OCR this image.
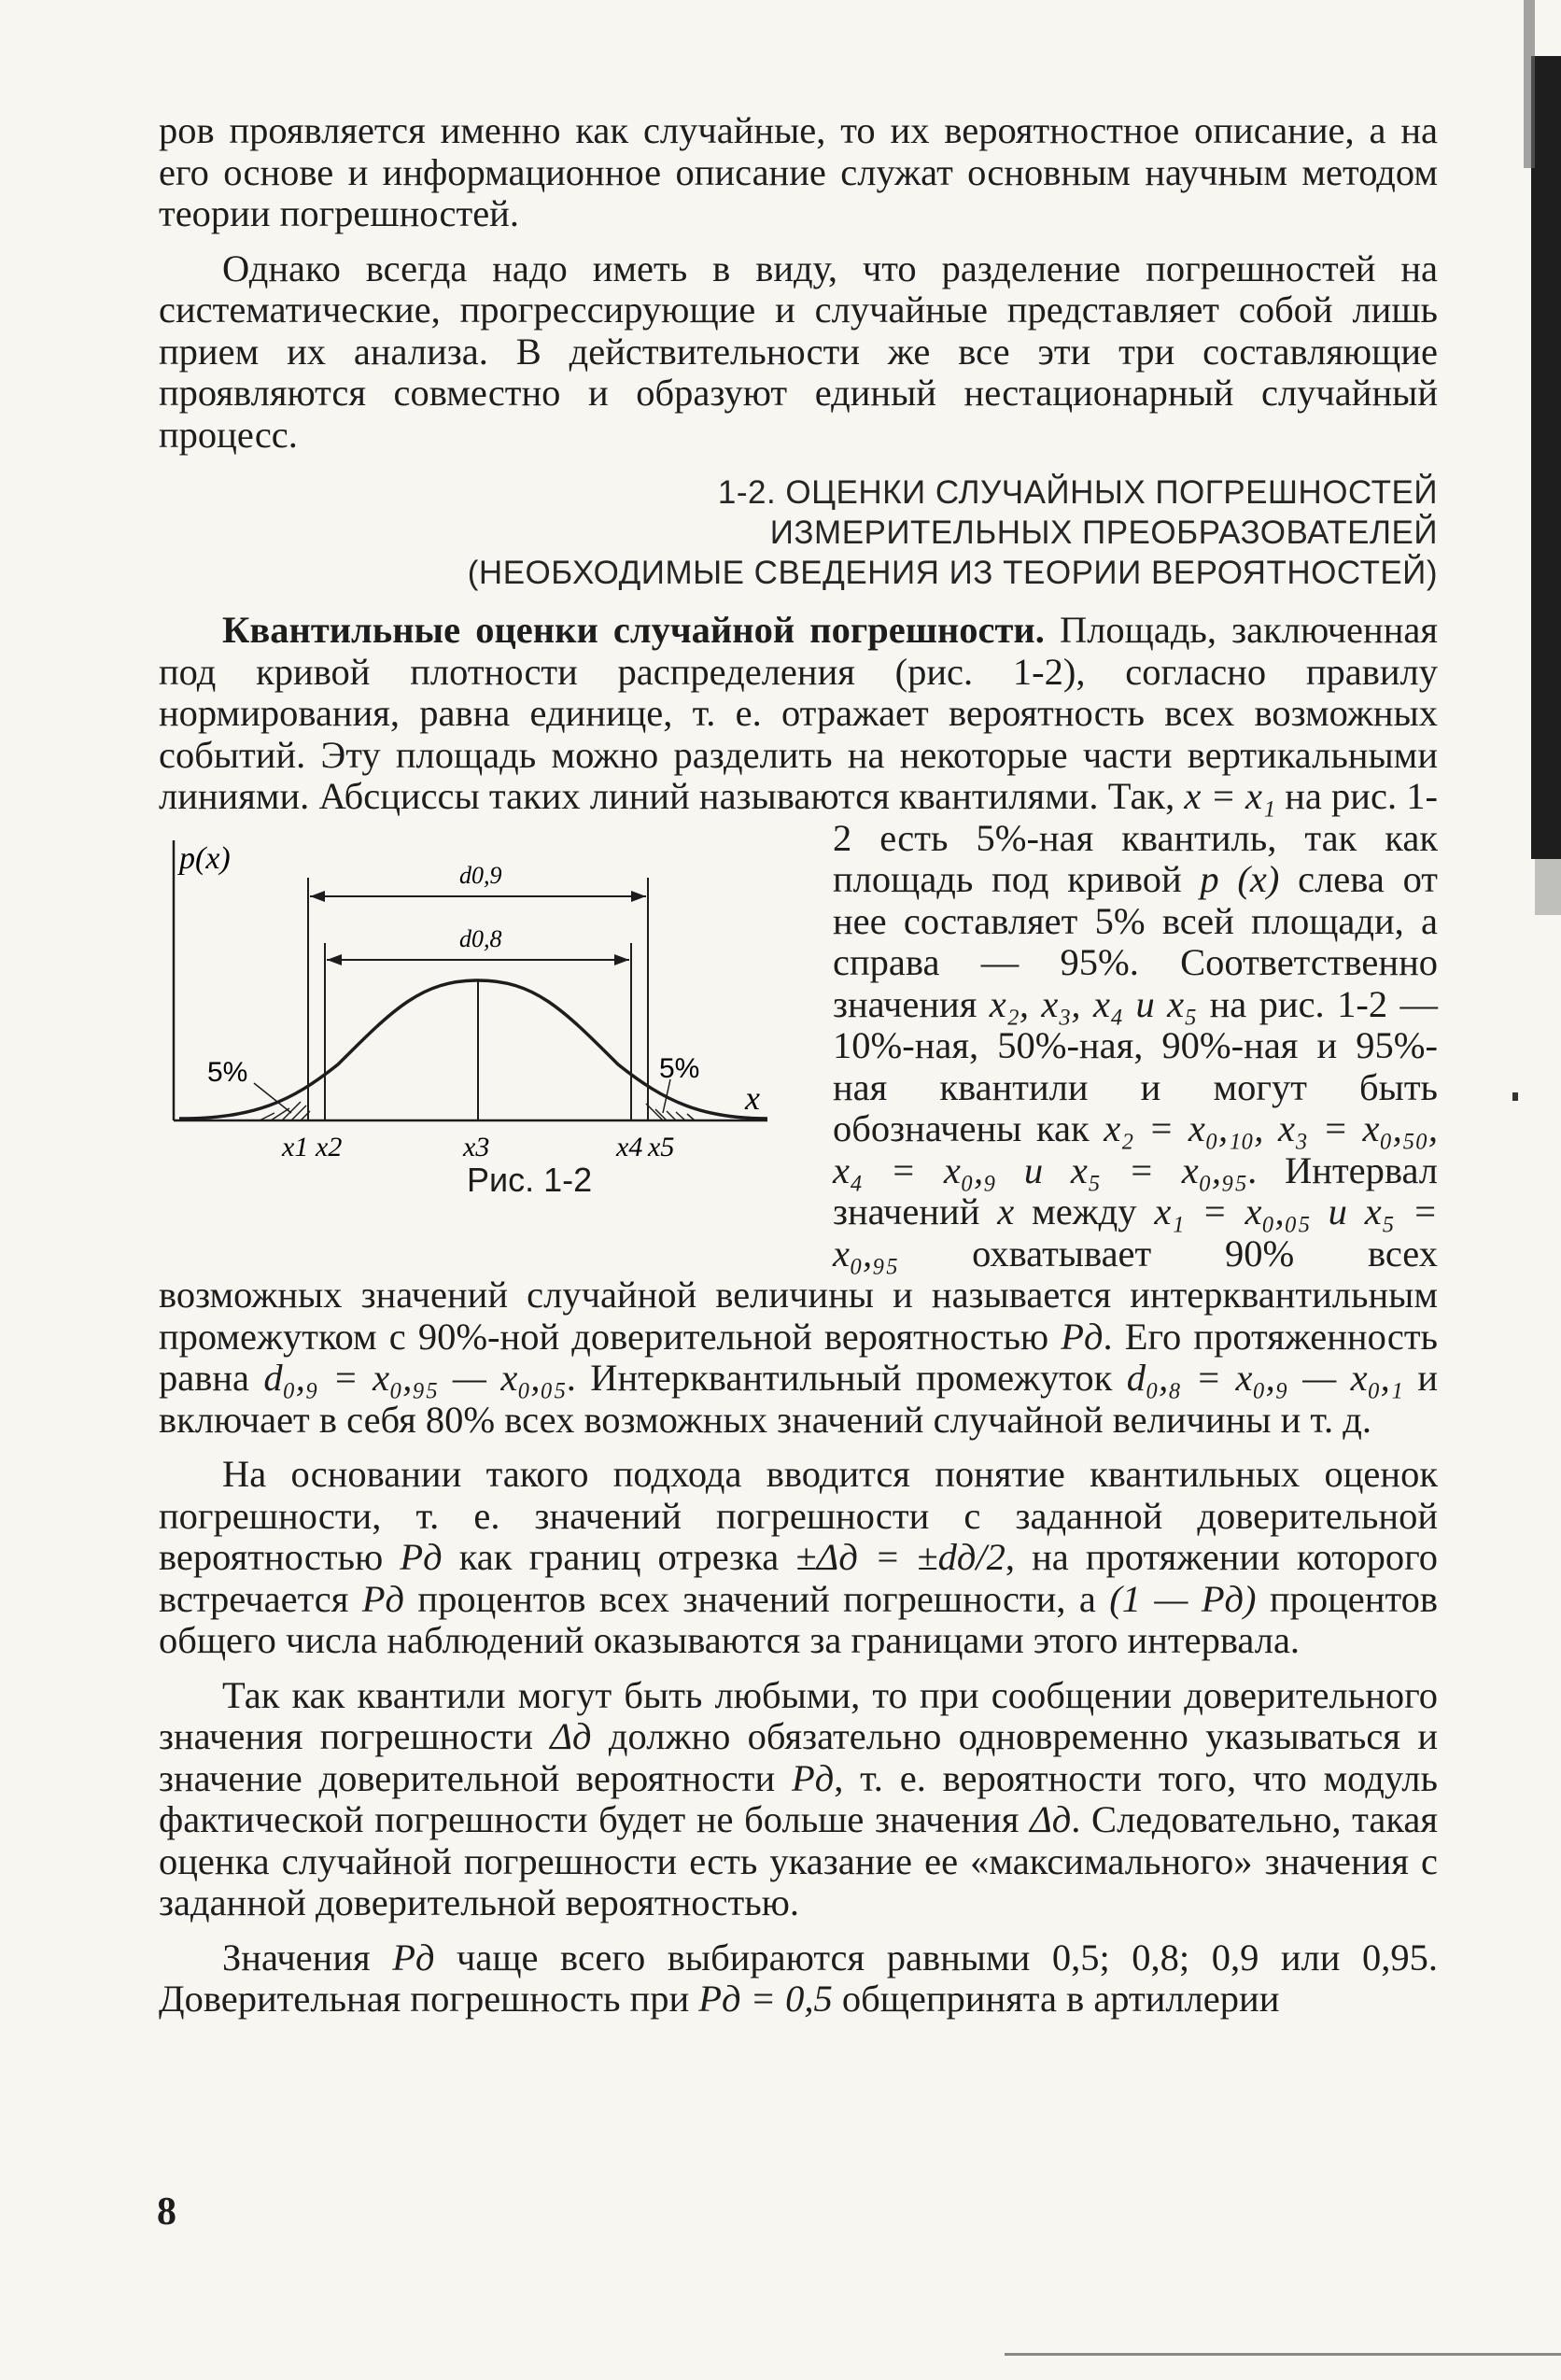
ров проявляется именно как случайные, то их вероятностное описание, а на его основе и информационное описание служат основным научным методом теории погрешностей.

Однако всегда надо иметь в виду, что разделение погрешностей на систематические, прогрессирующие и случайные представляет собой лишь прием их анализа. В действительности же все эти три составляющие проявляются совместно и образуют единый нестационарный случайный процесс.

1-2. ОЦЕНКИ СЛУЧАЙНЫХ ПОГРЕШНОСТЕЙ
ИЗМЕРИТЕЛЬНЫХ ПРЕОБРАЗОВАТЕЛЕЙ
(НЕОБХОДИМЫЕ СВЕДЕНИЯ ИЗ ТЕОРИИ ВЕРОЯТНОСТЕЙ)

Квантильные оценки случайной погрешности. Площадь, заключенная под кривой плотности распределения (рис. 1-2), согласно правилу нормирования, равна единице, т. е. отражает вероятность всех возможных событий. Эту площадь можно разделить на некоторые части вертикальными линиями. Абсциссы таких линий называются квантилями. Так,
p(x)
x
d0,9
d0,8
5%	5%
x1 x2	x3	x4 x5
Рис. 1-2
x = x₁ на рис. 1-2 есть 5%-ная квантиль, так как площадь под кривой p (x) слева от нее составляет 5% всей площади, а справа — 95%. Соответственно значения x₂, x₃, x₄ и x₅ на рис. 1-2 — 10%-ная, 50%-ная, 90%-ная и 95%-ная квантили и могут быть обозначены как x₂ = x₀,₁₀, x₃ = x₀,₅₀, x₄ = x₀,₉ и x₅ = x₀,₉₅. Интервал значений x между x₁ = x₀,₀₅ и x₅ = x₀,₉₅ охватывает 90% всех возможных значений случайной величины и называется интерквантильным промежутком с 90%-ной доверительной вероятностью Pд. Его протяженность равна d₀,₉ = x₀,₉₅ — x₀,₀₅. Интерквантильный промежуток d₀,₈ = x₀,₉ — x₀,₁ и включает в себя 80% всех возможных значений случайной величины и т. д.

На основании такого подхода вводится понятие квантильных оценок погрешности, т. е. значений погрешности с заданной доверительной вероятностью Pд как границ отрезка ±Δд = ±dд/2, на протяжении которого встречается Pд процентов всех значений погрешности, а (1 — Pд) процентов общего числа наблюдений оказываются за границами этого интервала.

Так как квантили могут быть любыми, то при сообщении доверительного значения погрешности Δд должно обязательно одновременно указываться и значение доверительной вероятности Pд, т. е. вероятности того, что модуль фактической погрешности будет не больше значения Δд. Следовательно, такая оценка случайной погрешности есть указание ее «максимального» значения с заданной доверительной вероятностью.

Значения Pд чаще всего выбираются равными 0,5; 0,8; 0,9 или 0,95. Доверительная погрешность при Pд = 0,5 общепринята в артиллерии

8
